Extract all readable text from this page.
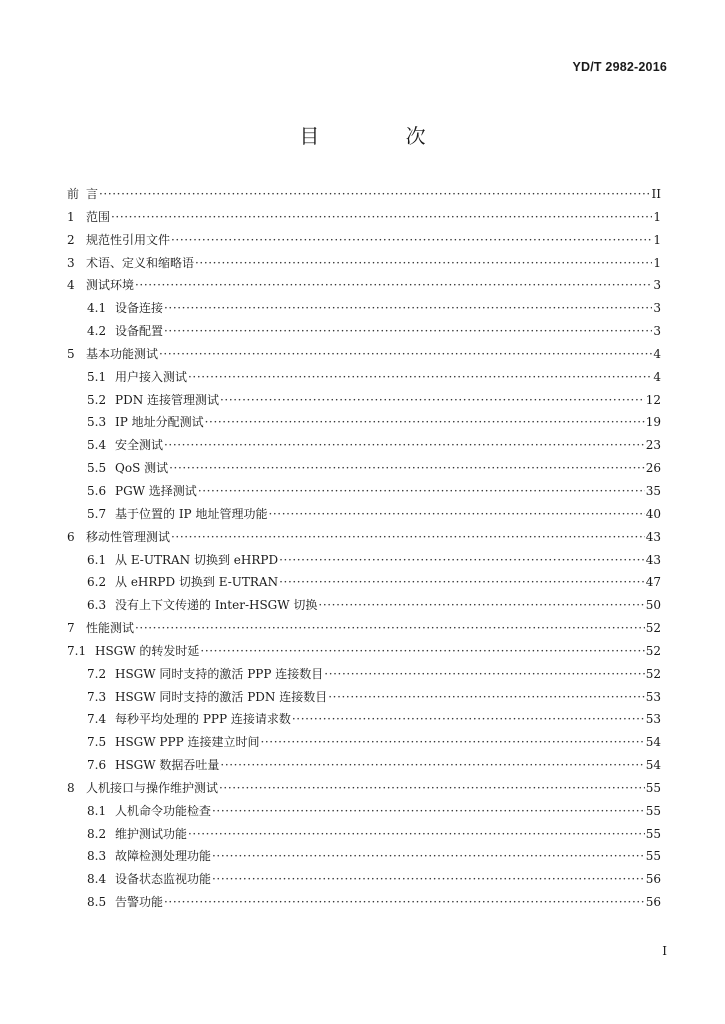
YD/T 2982-2016
目 次
前 言 ·····	II
1 范围 ·····	1
2 规范性引用文件 ·····	1
3 术语、定义和缩略语 ·····	1
4 测试环境 ·····	3
4.1 设备连接 ·····	3
4.2 设备配置 ·····	3
5 基本功能测试 ·····	4
5.1 用户接入测试 ·····	4
5.2 PDN 连接管理测试 ·····	12
5.3 IP 地址分配测试 ·····	19
5.4 安全测试 ·····	23
5.5 QoS 测试 ·····	26
5.6 PGW 选择测试 ·····	35
5.7 基于位置的 IP 地址管理功能 ·····	40
6 移动性管理测试 ·····	43
6.1 从 E-UTRAN 切换到 eHRPD ·····	43
6.2 从 eHRPD 切换到 E-UTRAN ·····	47
6.3 没有上下文传递的 Inter-HSGW 切换 ·····	50
7 性能测试 ·····	52
7.1 HSGW 的转发时延 ·····	52
7.2 HSGW 同时支持的激活 PPP 连接数目 ·····	52
7.3 HSGW 同时支持的激活 PDN 连接数目 ·····	53
7.4 每秒平均处理的 PPP 连接请求数 ·····	53
7.5 HSGW PPP 连接建立时间 ·····	54
7.6 HSGW 数据吞吐量 ·····	54
8 人机接口与操作维护测试 ·····	55
8.1 人机命令功能检查 ·····	55
8.2 维护测试功能 ·····	55
8.3 故障检测处理功能 ·····	55
8.4 设备状态监视功能 ·····	56
8.5 告警功能 ·····	56
I
